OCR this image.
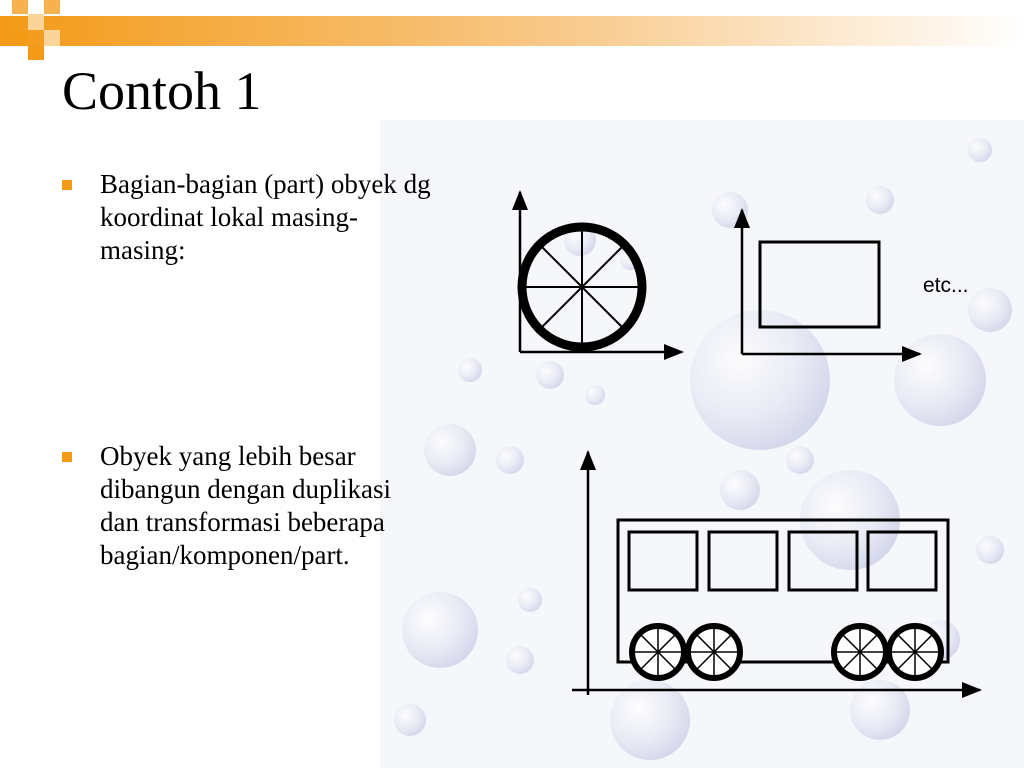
Contoh 1
Bagian-bagian (part) obyek dg
koordinat lokal masing-
masing:
Obyek yang lebih besar
dibangun dengan duplikasi
dan transformasi beberapa
bagian/komponen/part.
etc...
